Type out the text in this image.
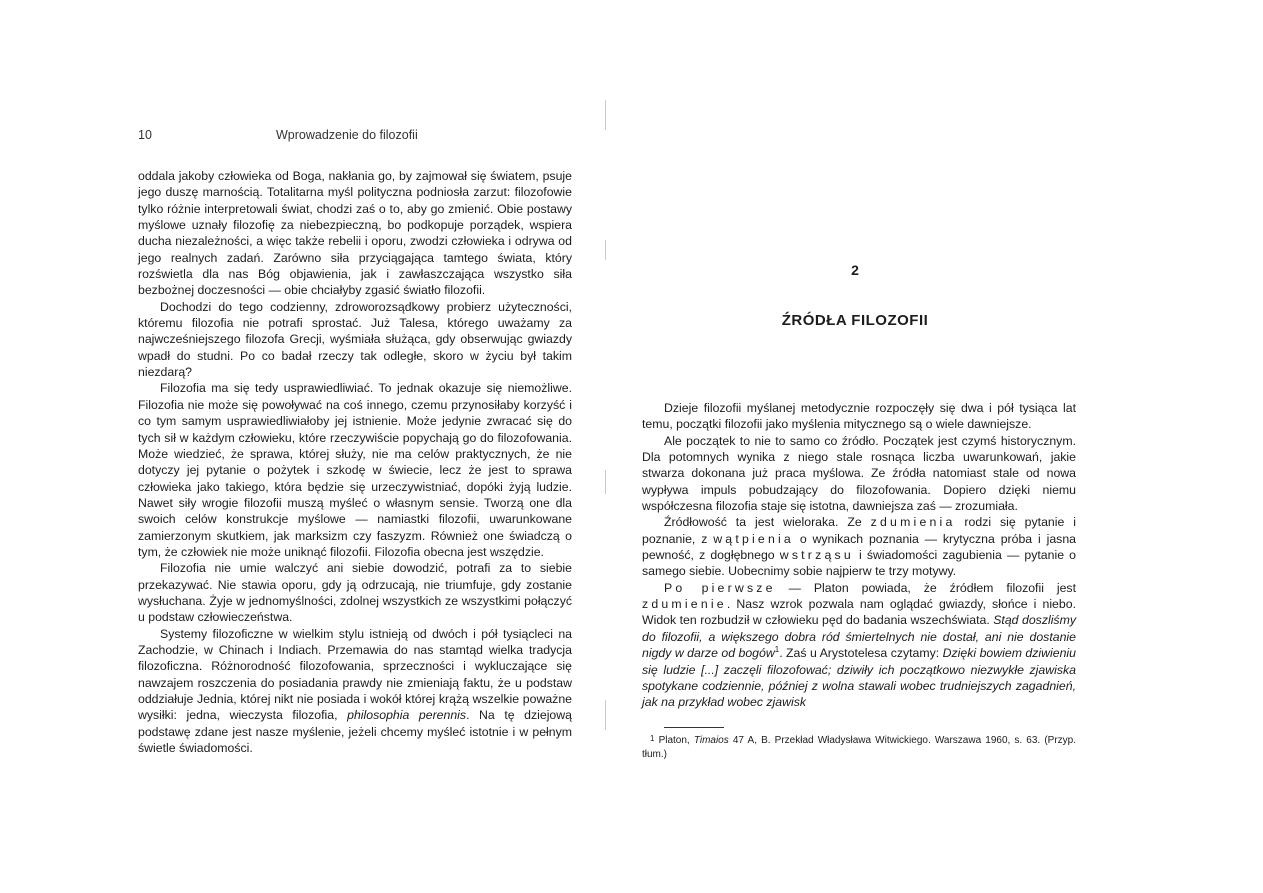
10	Wprowadzenie do filozofii

oddala jakoby człowieka od Boga, nakłania go, by zajmował się światem, psuje jego duszę marnością. Totalitarna myśl polityczna podniosła zarzut: filozofowie tylko różnie interpretowali świat, chodzi zaś o to, aby go zmienić. Obie postawy myślowe uznały filozofię za niebezpieczną, bo podkopuje porządek, wspiera ducha niezależności, a więc także rebelii i oporu, zwodzi człowieka i odrywa od jego realnych zadań. Zarówno siła przyciągająca tamtego świata, który rozświetla dla nas Bóg objawienia, jak i zawłaszczająca wszystko siła bezbożnej doczesności — obie chciałyby zgasić światło filozofii.

Dochodzi do tego codzienny, zdroworozsądkowy probierz użyteczności, któremu filozofia nie potrafi sprostać. Już Talesa, którego uważamy za najwcześniejszego filozofa Grecji, wyśmiała służąca, gdy obserwując gwiazdy wpadł do studni. Po co badał rzeczy tak odległe, skoro w życiu był takim niezdarą?

Filozofia ma się tedy usprawiedliwiać. To jednak okazuje się niemożliwe. Filozofia nie może się powoływać na coś innego, czemu przynosiłaby korzyść i co tym samym usprawiedliwiałoby jej istnienie. Może jedynie zwracać się do tych sił w każdym człowieku, które rzeczywiście popychają go do filozofowania. Może wiedzieć, że sprawa, której służy, nie ma celów praktycznych, że nie dotyczy jej pytanie o pożytek i szkodę w świecie, lecz że jest to sprawa człowieka jako takiego, która będzie się urzeczywistniać, dopóki żyją ludzie. Nawet siły wrogie filozofii muszą myśleć o własnym sensie. Tworzą one dla swoich celów konstrukcje myślowe — namiastki filozofii, uwarunkowane zamierzonym skutkiem, jak marksizm czy faszyzm. Również one świadczą o tym, że człowiek nie może uniknąć filozofii. Filozofia obecna jest wszędzie.

Filozofia nie umie walczyć ani siebie dowodzić, potrafi za to siebie przekazywać. Nie stawia oporu, gdy ją odrzucają, nie triumfuje, gdy zostanie wysłuchana. Żyje w jednomyślności, zdolnej wszystkich ze wszystkimi połączyć u podstaw człowieczeństwa.

Systemy filozoficzne w wielkim stylu istnieją od dwóch i pół tysiącleci na Zachodzie, w Chinach i Indiach. Przemawia do nas stamtąd wielka tradycja filozoficzna. Różnorodność filozofowania, sprzeczności i wykluczające się nawzajem roszczenia do posiadania prawdy nie zmieniają faktu, że u podstaw oddziałuje Jednia, której nikt nie posiada i wokół której krążą wszelkie poważne wysiłki: jedna, wieczysta filozofia, philosophia perennis. Na tę dziejową podstawę zdane jest nasze myślenie, jeżeli chcemy myśleć istotnie i w pełnym świetle świadomości.

2
ŹRÓDŁA FILOZOFII

Dzieje filozofii myślanej metodycznie rozpoczęły się dwa i pół tysiąca lat temu, początki filozofii jako myślenia mitycznego są o wiele dawniejsze.

Ale początek to nie to samo co źródło. Początek jest czymś historycznym. Dla potomnych wynika z niego stale rosnąca liczba uwarunkowań, jakie stwarza dokonana już praca myślowa. Ze źródła natomiast stale od nowa wypływa impuls pobudzający do filozofowania. Dopiero dzięki niemu współczesna filozofia staje się istotna, dawniejsza zaś — zrozumiała.

Źródłowość ta jest wieloraka. Ze zdumienia rodzi się pytanie i poznanie, z wątpienia o wynikach poznania — krytyczna próba i jasna pewność, z dogłębnego wstrząsu i świadomości zagubienia — pytanie o samego siebie. Uobecnimy sobie najpierw te trzy motywy.

Po pierwsze — Platon powiada, że źródłem filozofii jest zdumienie. Nasz wzrok pozwala nam oglądać gwiazdy, słońce i niebo. Widok ten rozbudził w człowieku pęd do badania wszechświata. Stąd doszliśmy do filozofii, a większego dobra ród śmiertelnych nie dostał, ani nie dostanie nigdy w darze od bogów$^1$. Zaś u Arystotelesa czytamy: Dzięki bowiem dziwieniu się ludzie [...] zaczęli filozofować; dziwiły ich początkowo niezwykłe zjawiska spotykane codziennie, później z wolna stawali wobec trudniejszych zagadnień, jak na przykład wobec zjawisk

$^1$ Platon, Timaios 47 A, B. Przekład Władysława Witwickiego. Warszawa 1960, s. 63. (Przyp. tłum.)
